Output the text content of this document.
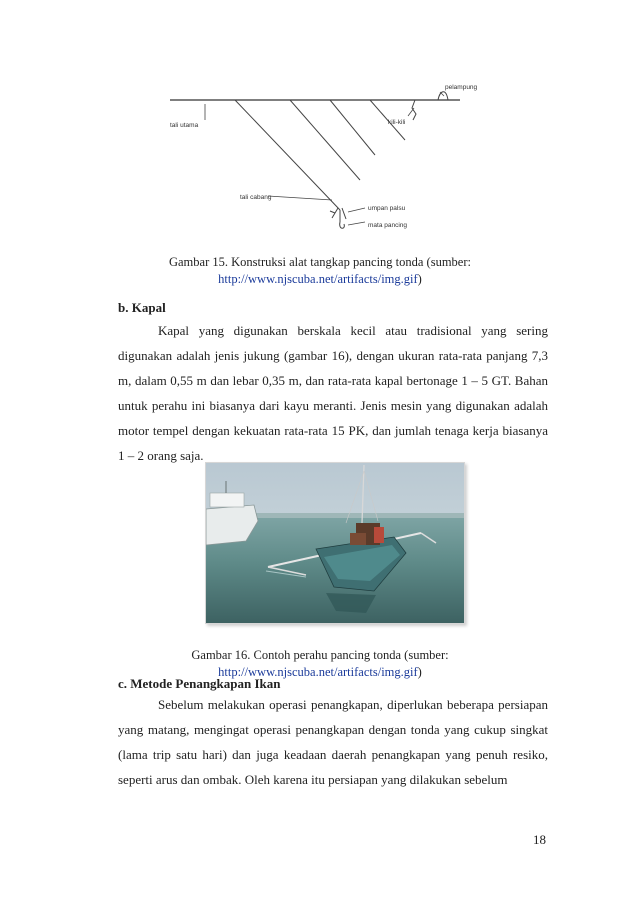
tali utama
pelampung
kili-kili
tali cabang
umpan palsu
mata pancing
Gambar 15. Konstruksi alat tangkap pancing tonda (sumber:
http://www.njscuba.net/artifacts/img.gif)
b. Kapal
Kapal yang digunakan berskala kecil atau tradisional yang sering digunakan adalah jenis jukung (gambar 16), dengan ukuran rata-rata panjang 7,3 m, dalam 0,55 m dan lebar 0,35 m, dan rata-rata kapal bertonage 1 – 5 GT. Bahan untuk perahu ini biasanya dari kayu meranti. Jenis mesin yang digunakan adalah motor tempel dengan kekuatan rata-rata 15 PK, dan jumlah tenaga kerja biasanya 1 – 2 orang saja.
Gambar 16. Contoh perahu pancing tonda (sumber:
http://www.njscuba.net/artifacts/img.gif)
c. Metode Penangkapan Ikan
Sebelum melakukan operasi penangkapan, diperlukan beberapa persiapan yang matang, mengingat operasi penangkapan dengan tonda yang cukup singkat (lama trip satu hari) dan juga keadaan daerah penangkapan yang penuh resiko, seperti arus dan ombak. Oleh karena itu persiapan yang dilakukan sebelum
18
